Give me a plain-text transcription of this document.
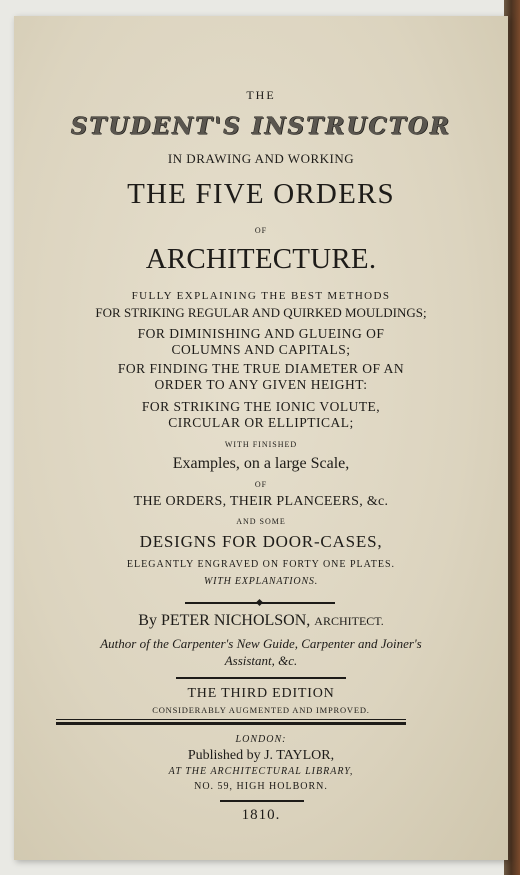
THE
STUDENT'S INSTRUCTOR
IN DRAWING AND WORKING
THE FIVE ORDERS
OF
ARCHITECTURE.
FULLY EXPLAINING THE BEST METHODS
FOR STRIKING REGULAR AND QUIRKED MOULDINGS;
FOR DIMINISHING AND GLUEING OF
COLUMNS AND CAPITALS;
FOR FINDING THE TRUE DIAMETER OF AN
ORDER TO ANY GIVEN HEIGHT:
FOR STRIKING THE IONIC VOLUTE,
CIRCULAR OR ELLIPTICAL;
WITH FINISHED
Examples, on a large Scale,
OF
THE ORDERS, THEIR PLANCEERS, &c.
AND SOME
DESIGNS FOR DOOR-CASES,
ELEGANTLY ENGRAVED ON FORTY ONE PLATES.
WITH EXPLANATIONS.
By PETER NICHOLSON, ARCHITECT.
Author of the Carpenter's New Guide, Carpenter and Joiner's
Assistant, &c.
THE THIRD EDITION
CONSIDERABLY AUGMENTED AND IMPROVED.
LONDON:
Published by J. TAYLOR,
AT THE ARCHITECTURAL LIBRARY,
NO. 59, HIGH HOLBORN.
1810.
